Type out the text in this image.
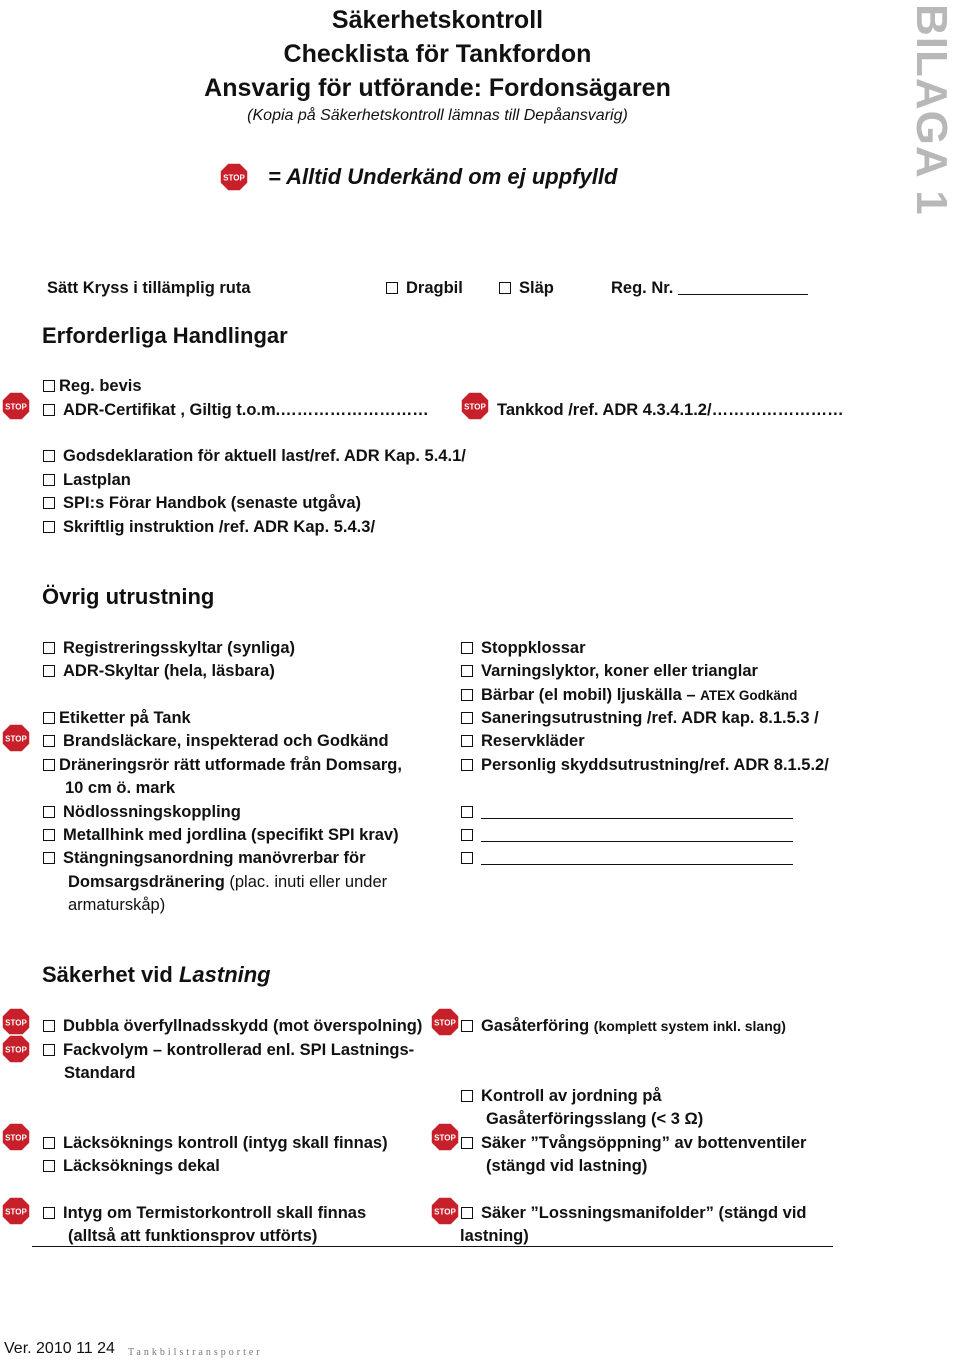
Säkerhetskontroll
Checklista för Tankfordon
Ansvarig för utförande: Fordonsägaren
(Kopia på Säkerhetskontroll lämnas till Depåansvarig)
STOP = Alltid Underkänd om ej uppfylld	BILAGA 1
Sätt Kryss i tillämplig ruta	Dragbil	Släp	Reg. Nr.
Erforderliga Handlingar
Reg. bevis
STOP	ADR-Certifikat , Giltig t.o.m.………………………	STOP Tankkod /ref. ADR 4.3.4.1.2/……………………
Godsdeklaration för aktuell last/ref. ADR Kap. 5.4.1/
Lastplan
SPI:s Förar Handbok (senaste utgåva)
Skriftlig instruktion /ref. ADR Kap. 5.4.3/
Övrig utrustning
Registreringsskyltar (synliga)
ADR-Skyltar (hela, läsbara)
Etiketter på Tank
STOP	Brandsläckare, inspekterad och Godkänd
Dräneringsrör rätt utformade från Domsarg,
10 cm ö. mark
Nödlossningskoppling
Metallhink med jordlina (specifikt SPI krav)
Stängningsanordning manövrerbar för
Domsargsdränering (plac. inuti eller under
armaturskåp)
Stoppklossar
Varningslyktor, koner eller trianglar
Bärbar (el mobil) ljuskälla – ATEX Godkänd
Saneringsutrustning /ref. ADR kap. 8.1.5.3 /
Reservkläder
Personlig skyddsutrustning/ref. ADR 8.1.5.2/
Säkerhet vid Lastning
STOP	Dubbla överfyllnadsskydd (mot överspolning)
STOP	Fackvolym – kontrollerad enl. SPI Lastnings-
Standard
STOP	Läcksöknings kontroll (intyg skall finnas)
Läcksöknings dekal
STOP	Intyg om Termistorkontroll skall finnas
(alltså att funktionsprov utförts)
STOP	Gasåterföring (komplett system inkl. slang)
Kontroll av jordning på
Gasåterföringsslang (< 3 Ω)
STOP	Säker ”Tvångsöppning” av bottenventiler
(stängd vid lastning)
STOP	Säker ”Lossningsmanifolder” (stängd vid
lastning)
Ver. 2010 11 24 Tankbilstransporter
